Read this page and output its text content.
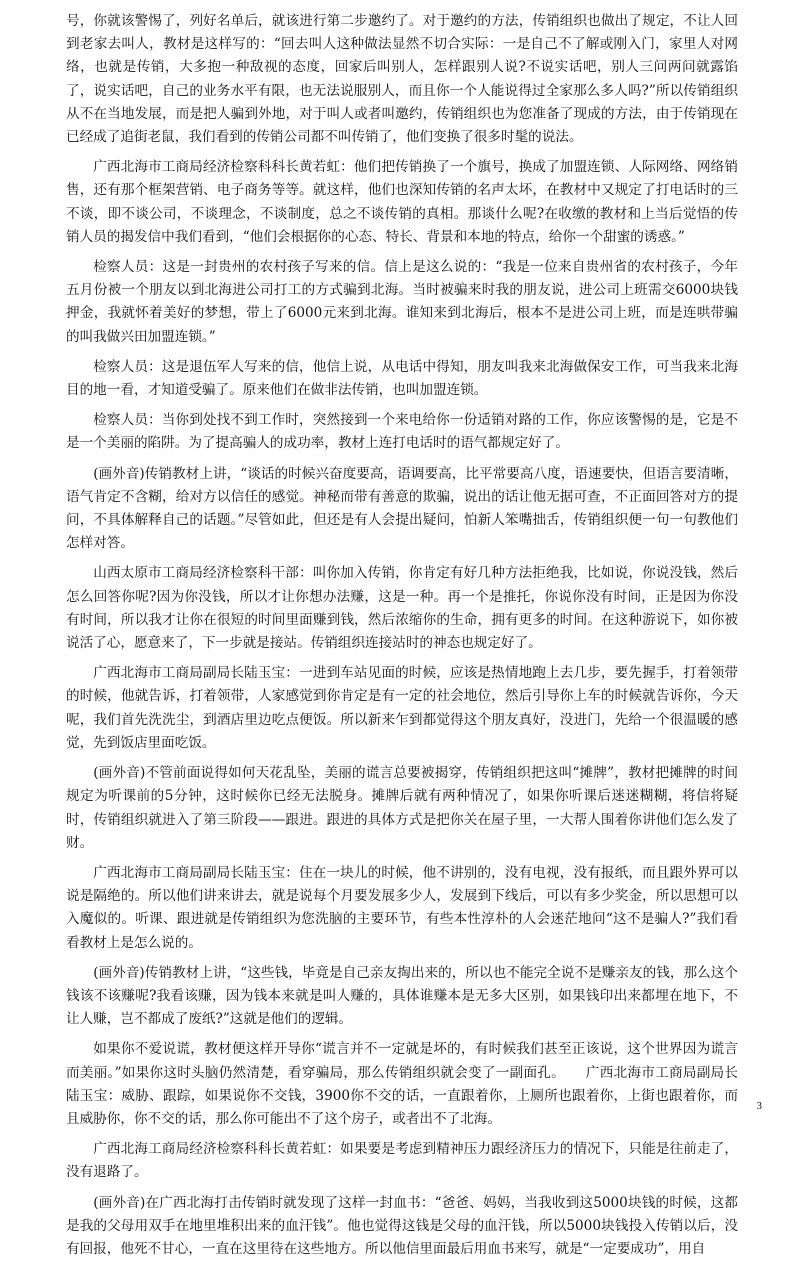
号，你就该警惕了，列好名单后，就该进行第二步邀约了。对于邀约的方法，传销组织也做出了规定，不让人回到老家去叫人，教材是这样写的：“回去叫人这种做法显然不切合实际：一是自己不了解或刚入门，家里人对网络，也就是传销，大多抱一种敌视的态度，回家后叫别人，怎样跟别人说?不说实话吧，别人三问两问就露馅了，说实话吧，自己的业务水平有限，也无法说服别人，而且你一个人能说得过全家那么多人吗?”所以传销组织从不在当地发展，而是把人骗到外地，对于叫人或者叫邀约，传销组织也为您准备了现成的方法，由于传销现在已经成了追街老鼠，我们看到的传销公司都不叫传销了，他们变换了很多时髦的说法。

广西北海市工商局经济检察科科长黄若虹：他们把传销换了一个旗号，换成了加盟连锁、人际网络、网络销售，还有那个框架营销、电子商务等等。就这样，他们也深知传销的名声太坏，在教材中又规定了打电话时的三不谈，即不谈公司，不谈理念，不谈制度，总之不谈传销的真相。那谈什么呢?在收缴的教材和上当后觉悟的传销人员的揭发信中我们看到，“他们会根据你的心态、特长、背景和本地的特点，给你一个甜蜜的诱惑。”

检察人员：这是一封贵州的农村孩子写来的信。信上是这么说的：“我是一位来自贵州省的农村孩子，今年五月份被一个朋友以到北海进公司打工的方式骗到北海。当时被骗来时我的朋友说，进公司上班需交6000块钱押金，我就怀着美好的梦想，带上了6000元来到北海。谁知来到北海后，根本不是进公司上班，而是连哄带骗的叫我做兴田加盟连锁。”

检察人员：这是退伍军人写来的信，他信上说，从电话中得知，朋友叫我来北海做保安工作，可当我来北海目的地一看，才知道受骗了。原来他们在做非法传销，也叫加盟连锁。

检察人员：当你到处找不到工作时，突然接到一个来电给你一份适销对路的工作，你应该警惕的是，它是不是一个美丽的陷阱。为了提高骗人的成功率，教材上连打电话时的语气都规定好了。

(画外音)传销教材上讲，“谈话的时候兴奋度要高，语调要高，比平常要高八度，语速要快，但语言要清晰，语气肯定不含糊，给对方以信任的感觉。神秘而带有善意的欺骗，说出的话让他无据可查，不正面回答对方的提问，不具体解释自己的话题。”尽管如此，但还是有人会提出疑问，怕新人笨嘴拙舌，传销组织便一句一句教他们怎样对答。

山西太原市工商局经济检察科干部：叫你加入传销，你肯定有好几种方法拒绝我，比如说，你说没钱，然后怎么回答你呢?因为你没钱，所以才让你想办法赚，这是一种。再一个是推托，你说你没有时间，正是因为你没有时间，所以我才让你在很短的时间里面赚到钱，然后浓缩你的生命，拥有更多的时间。在这种游说下，如你被说活了心，愿意来了，下一步就是接站。传销组织连接站时的神态也规定好了。

广西北海市工商局副局长陆玉宝：一进到车站见面的时候，应该是热情地跑上去几步，要先握手，打着领带的时候，他就告诉，打着领带，人家感觉到你肯定是有一定的社会地位，然后引导你上车的时候就告诉你，今天呢，我们首先洗洗尘，到酒店里边吃点便饭。所以新来乍到都觉得这个朋友真好，没进门，先给一个很温暖的感觉，先到饭店里面吃饭。

(画外音)不管前面说得如何天花乱坠，美丽的谎言总要被揭穿，传销组织把这叫“摊牌”，教材把摊牌的时间规定为听课前的5分钟，这时候你已经无法脱身。摊牌后就有两种情况了，如果你听课后迷迷糊糊，将信将疑时，传销组织就进入了第三阶段——跟进。跟进的具体方式是把你关在屋子里，一大帮人围着你讲他们怎么发了财。

广西北海市工商局副局长陆玉宝：住在一块儿的时候，他不讲别的，没有电视，没有报纸，而且跟外界可以说是隔绝的。所以他们讲来讲去，就是说每个月要发展多少人，发展到下线后，可以有多少奖金，所以思想可以入魔似的。听课、跟进就是传销组织为您洗脑的主要环节，有些本性淳朴的人会迷茫地问“这不是骗人?”我们看看教材上是怎么说的。

(画外音)传销教材上讲，“这些钱，毕竟是自己亲友掏出来的，所以也不能完全说不是赚亲友的钱，那么这个钱该不该赚呢?我看该赚，因为钱本来就是叫人赚的，具体谁赚本是无多大区别，如果钱印出来都埋在地下，不让人赚，岂不都成了废纸?”这就是他们的逻辑。

如果你不爱说谎，教材便这样开导你“谎言并不一定就是坏的，有时候我们甚至正该说，这个世界因为谎言而美丽。”如果你这时头脑仍然清楚，看穿骗局，那么传销组织就会变了一副面孔。　　广西北海市工商局副局长陆玉宝：威胁、跟踪，如果说你不交钱，3900你不交的话，一直跟着你，上厕所也跟着你，上街也跟着你，而且威胁你，你不交的话，那么你可能出不了这个房子，或者出不了北海。

广西北海工商局经济检察科科长黄若虹：如果要是考虑到精神压力跟经济压力的情况下，只能是往前走了，没有退路了。

(画外音)在广西北海打击传销时就发现了这样一封血书：“爸爸、妈妈，当我收到这5000块钱的时候，这都是我的父母用双手在地里堆积出来的血汗钱”。他也觉得这钱是父母的血汗钱，所以5000块钱投入传销以后，没有回报，他死不甘心，一直在这里待在这些地方。所以他信里面最后用血书来写，就是“一定要成功”，用自

3
